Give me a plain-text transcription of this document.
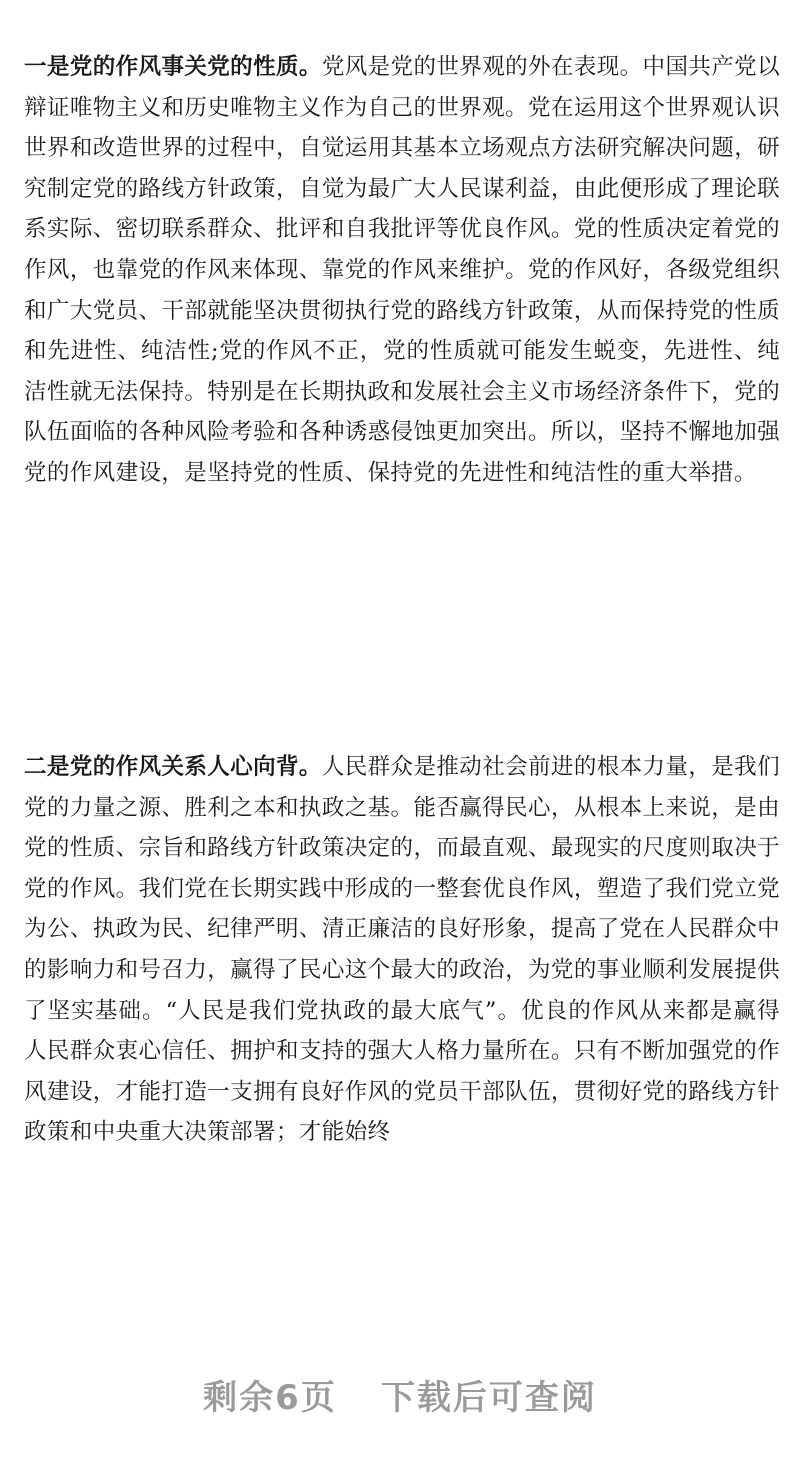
一是党的作风事关党的性质。党风是党的世界观的外在表现。中国共产党以辩证唯物主义和历史唯物主义作为自己的世界观。党在运用这个世界观认识世界和改造世界的过程中，自觉运用其基本立场观点方法研究解决问题，研究制定党的路线方针政策，自觉为最广大人民谋利益，由此便形成了理论联系实际、密切联系群众、批评和自我批评等优良作风。党的性质决定着党的作风，也靠党的作风来体现、靠党的作风来维护。党的作风好，各级党组织和广大党员、干部就能坚决贯彻执行党的路线方针政策，从而保持党的性质和先进性、纯洁性;党的作风不正，党的性质就可能发生蜕变，先进性、纯洁性就无法保持。特别是在长期执政和发展社会主义市场经济条件下，党的队伍面临的各种风险考验和各种诱惑侵蚀更加突出。所以，坚持不懈地加强党的作风建设，是坚持党的性质、保持党的先进性和纯洁性的重大举措。

二是党的作风关系人心向背。人民群众是推动社会前进的根本力量，是我们党的力量之源、胜利之本和执政之基。能否赢得民心，从根本上来说，是由党的性质、宗旨和路线方针政策决定的，而最直观、最现实的尺度则取决于党的作风。我们党在长期实践中形成的一整套优良作风，塑造了我们党立党为公、执政为民、纪律严明、清正廉洁的良好形象，提高了党在人民群众中的影响力和号召力，赢得了民心这个最大的政治，为党的事业顺利发展提供了坚实基础。“人民是我们党执政的最大底气”。优良的作风从来都是赢得人民群众衷心信任、拥护和支持的强大人格力量所在。只有不断加强党的作风建设，才能打造一支拥有良好作风的党员干部队伍，贯彻好党的路线方针政策和中央重大决策部署；才能始终

剩余6页 下载后可查阅
